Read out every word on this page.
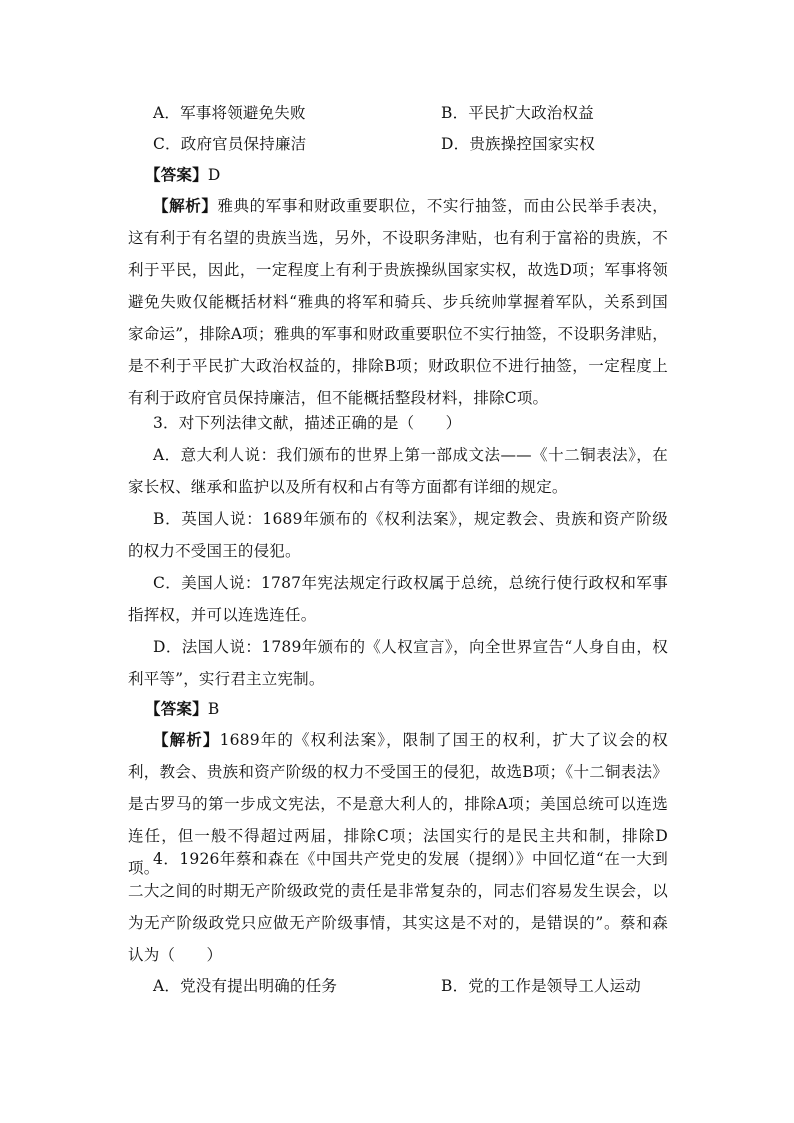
A．军事将领避免失败	B．平民扩大政治权益
C．政府官员保持廉洁	D．贵族操控国家实权
【答案】D
【解析】雅典的军事和财政重要职位，不实行抽签，而由公民举手表决，这有利于有名望的贵族当选，另外，不设职务津贴，也有利于富裕的贵族，不利于平民，因此，一定程度上有利于贵族操纵国家实权，故选D项；军事将领避免失败仅能概括材料“雅典的将军和骑兵、步兵统帅掌握着军队，关系到国家命运”，排除A项；雅典的军事和财政重要职位不实行抽签，不设职务津贴，是不利于平民扩大政治权益的，排除B项；财政职位不进行抽签，一定程度上有利于政府官员保持廉洁，但不能概括整段材料，排除C项。
3．对下列法律文献，描述正确的是（　　）
A．意大利人说：我们颁布的世界上第一部成文法——《十二铜表法》，在家长权、继承和监护以及所有权和占有等方面都有详细的规定。
B．英国人说：1689年颁布的《权利法案》，规定教会、贵族和资产阶级的权力不受国王的侵犯。
C．美国人说：1787年宪法规定行政权属于总统，总统行使行政权和军事指挥权，并可以连选连任。
D．法国人说：1789年颁布的《人权宣言》，向全世界宣告“人身自由，权利平等”，实行君主立宪制。
【答案】B
【解析】1689年的《权利法案》，限制了国王的权利，扩大了议会的权利，教会、贵族和资产阶级的权力不受国王的侵犯，故选B项；《十二铜表法》是古罗马的第一步成文宪法，不是意大利人的，排除A项；美国总统可以连选连任，但一般不得超过两届，排除C项；法国实行的是民主共和制，排除D项。
4．1926年蔡和森在《中国共产党史的发展（提纲）》中回忆道“在一大到二大之间的时期无产阶级政党的责任是非常复杂的，同志们容易发生误会，以为无产阶级政党只应做无产阶级事情，其实这是不对的，是错误的”。蔡和森认为（　　）
A．党没有提出明确的任务	B．党的工作是领导工人运动
